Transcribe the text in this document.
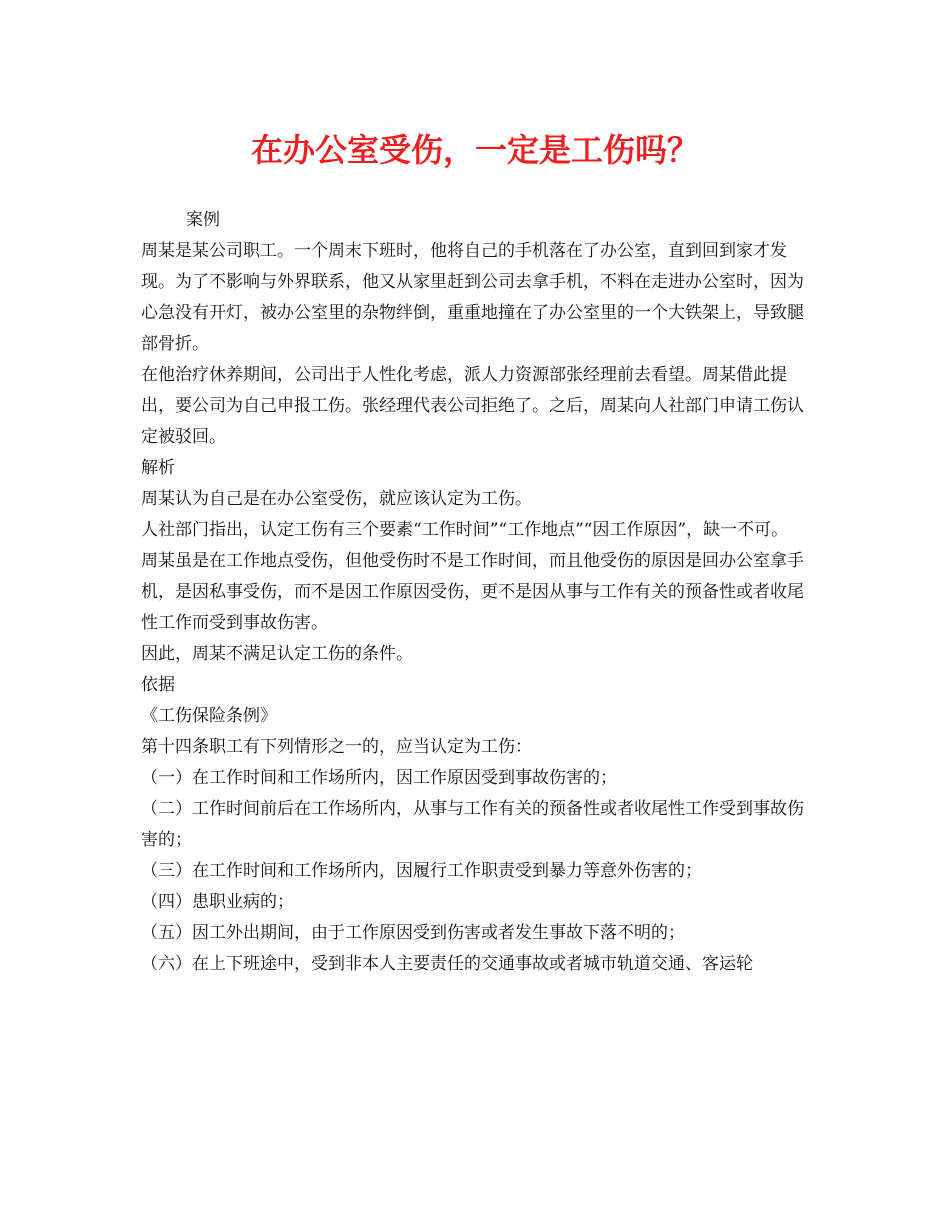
在办公室受伤，一定是工伤吗？

案例

周某是某公司职工。一个周末下班时，他将自己的手机落在了办公室，直到回到家才发现。为了不影响与外界联系，他又从家里赶到公司去拿手机，不料在走进办公室时，因为心急没有开灯，被办公室里的杂物绊倒，重重地撞在了办公室里的一个大铁架上，导致腿部骨折。

在他治疗休养期间，公司出于人性化考虑，派人力资源部张经理前去看望。周某借此提出，要公司为自己申报工伤。张经理代表公司拒绝了。之后，周某向人社部门申请工伤认定被驳回。

解析

周某认为自己是在办公室受伤，就应该认定为工伤。

人社部门指出，认定工伤有三个要素“工作时间”“工作地点”“因工作原因”，缺一不可。

周某虽是在工作地点受伤，但他受伤时不是工作时间，而且他受伤的原因是回办公室拿手机，是因私事受伤，而不是因工作原因受伤，更不是因从事与工作有关的预备性或者收尾性工作而受到事故伤害。

因此，周某不满足认定工伤的条件。

依据

《工伤保险条例》

第十四条职工有下列情形之一的，应当认定为工伤：

（一）在工作时间和工作场所内，因工作原因受到事故伤害的；

（二）工作时间前后在工作场所内，从事与工作有关的预备性或者收尾性工作受到事故伤害的；

（三）在工作时间和工作场所内，因履行工作职责受到暴力等意外伤害的；

（四）患职业病的；

（五）因工外出期间，由于工作原因受到伤害或者发生事故下落不明的；

（六）在上下班途中，受到非本人主要责任的交通事故或者城市轨道交通、客运轮
